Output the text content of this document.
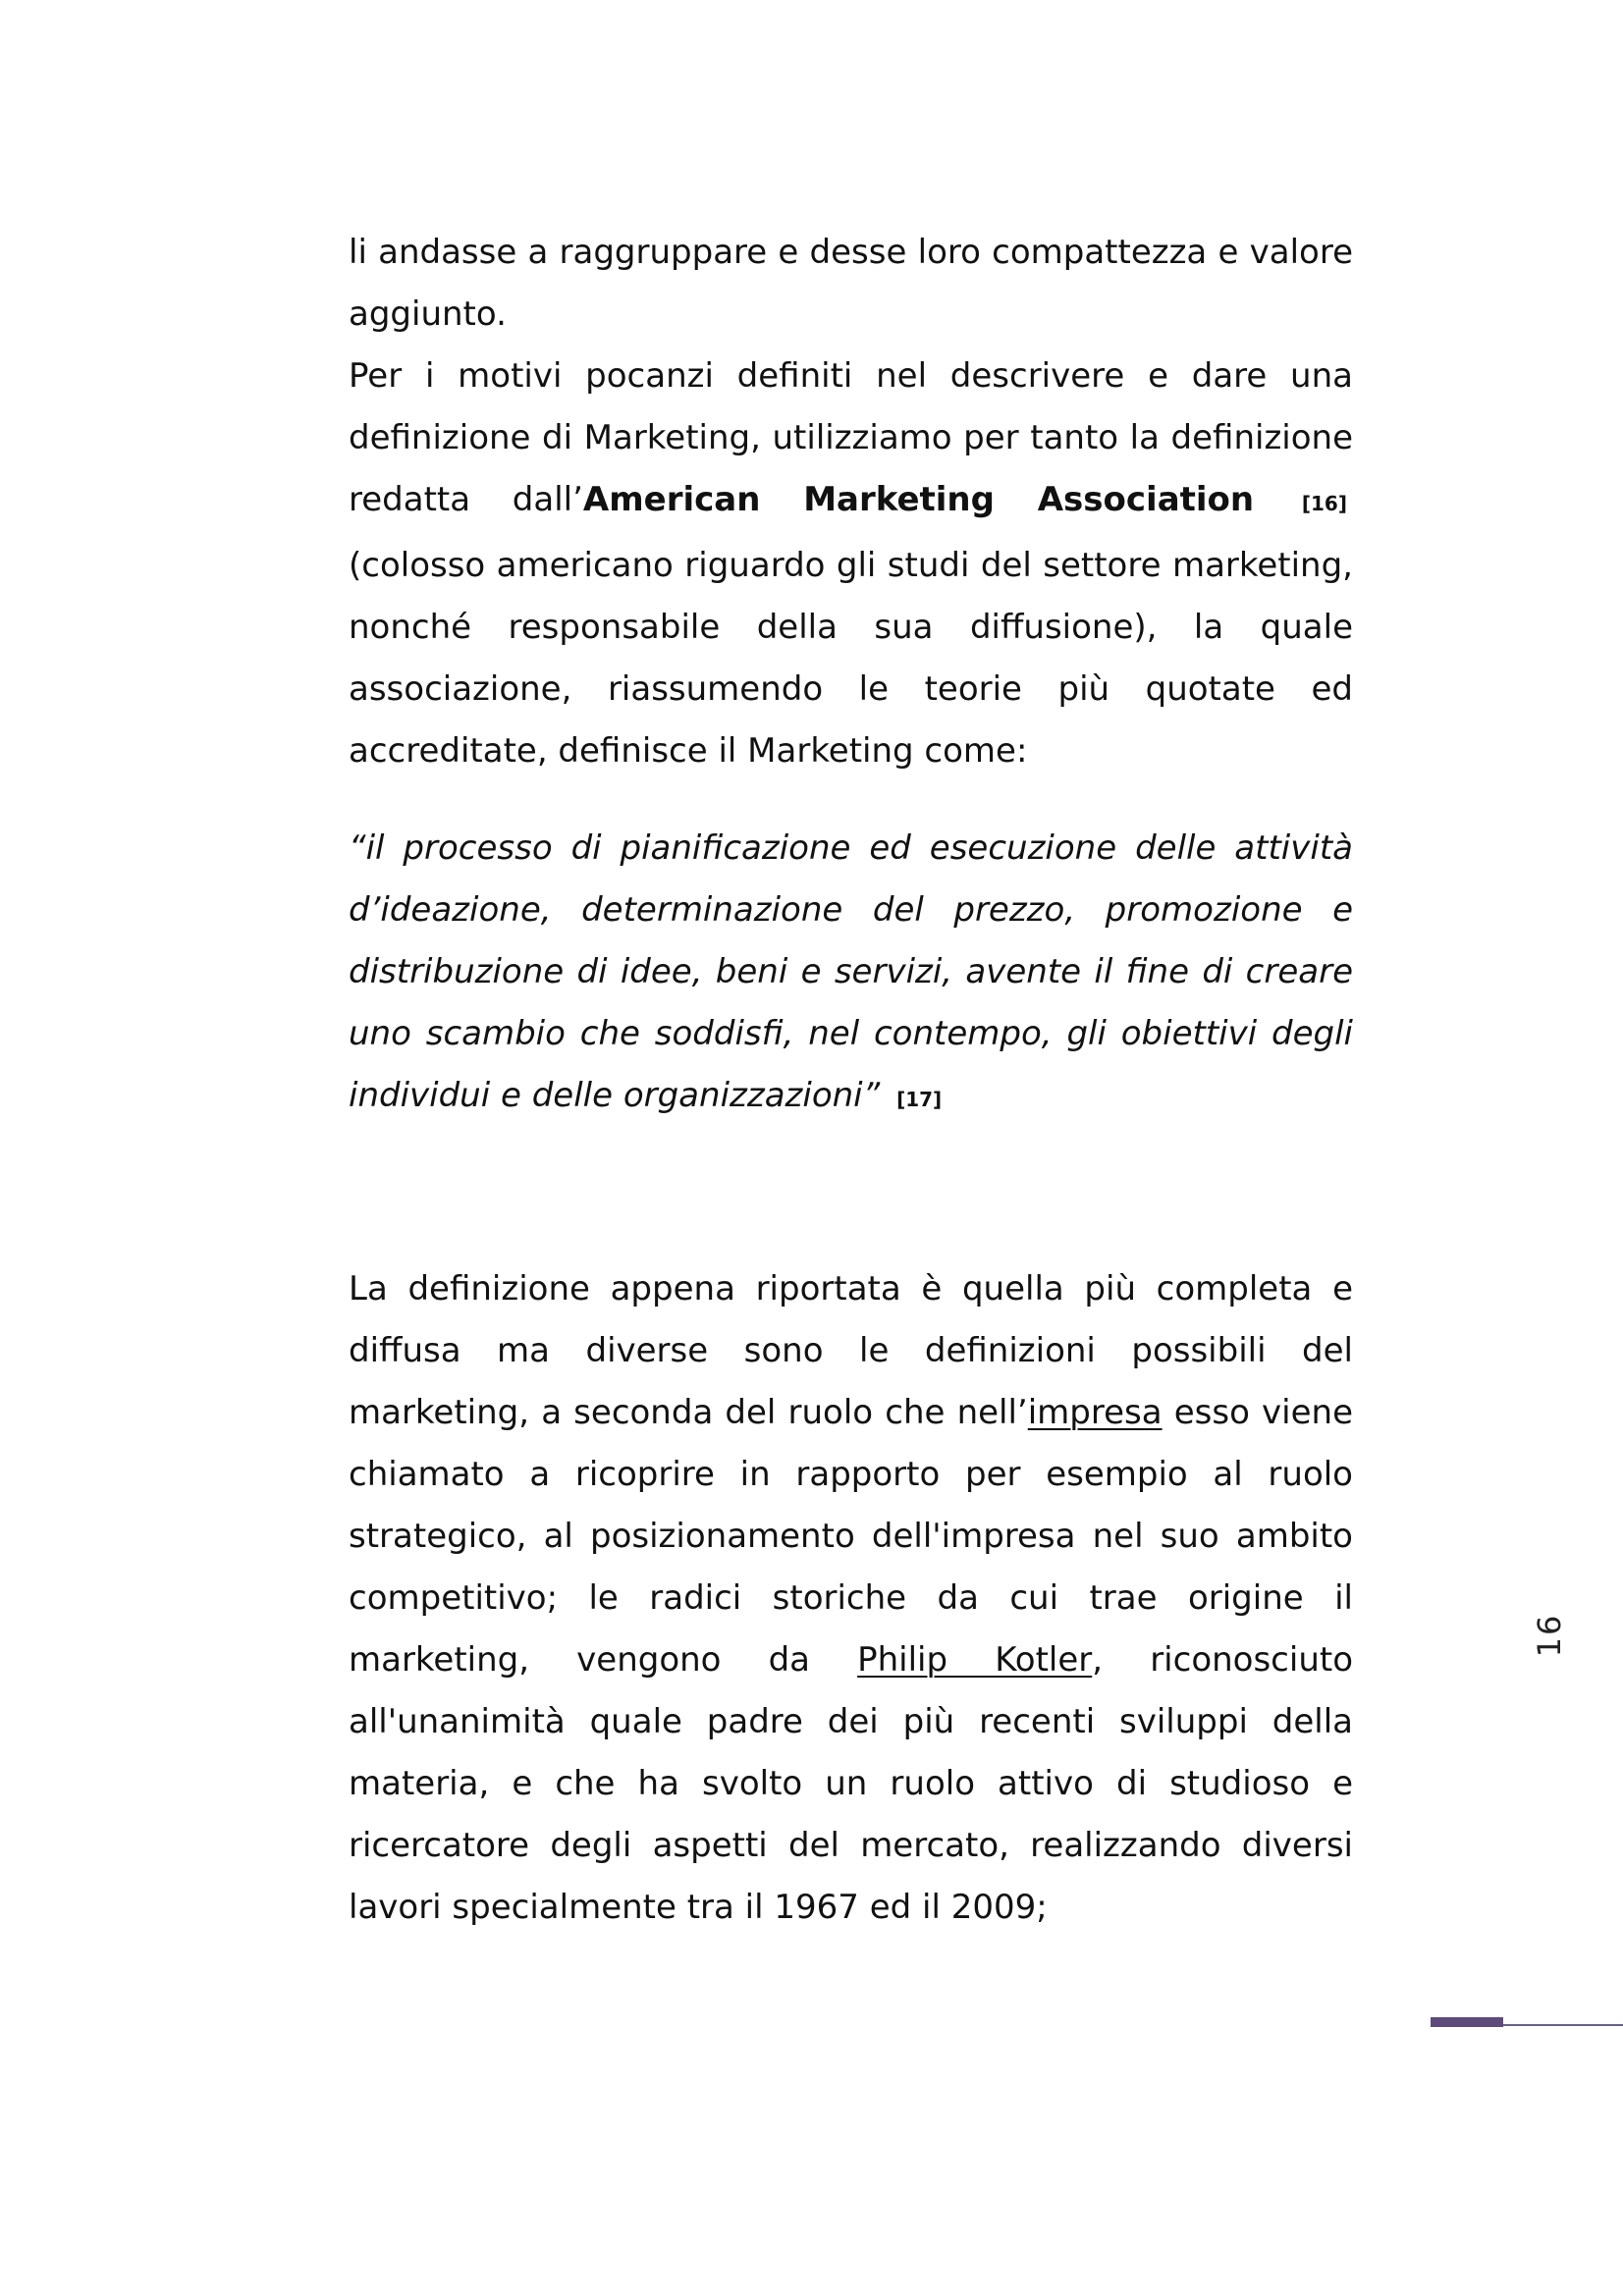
li andasse a raggruppare e desse loro compattezza e valore aggiunto.

Per i motivi pocanzi definiti nel descrivere e dare una definizione di Marketing, utilizziamo per tanto la definizione redatta dall’American Marketing Association [16] (colosso americano riguardo gli studi del settore marketing, nonché responsabile della sua diffusione), la quale associazione, riassumendo le teorie più quotate ed accreditate, definisce il Marketing come:

“il processo di pianificazione ed esecuzione delle attività d’ideazione, determinazione del prezzo, promozione e distribuzione di idee, beni e servizi, avente il fine di creare uno scambio che soddisfi, nel contempo, gli obiettivi degli individui e delle organizzazioni” [17]

La definizione appena riportata è quella più completa e diffusa ma diverse sono le definizioni possibili del marketing, a seconda del ruolo che nell’impresa esso viene chiamato a ricoprire in rapporto per esempio al ruolo strategico, al posizionamento dell'impresa nel suo ambito competitivo; le radici storiche da cui trae origine il marketing, vengono da Philip Kotler, riconosciuto all'unanimità quale padre dei più recenti sviluppi della materia, e che ha svolto un ruolo attivo di studioso e ricercatore degli aspetti del mercato, realizzando diversi lavori specialmente tra il 1967 ed il 2009;

16
